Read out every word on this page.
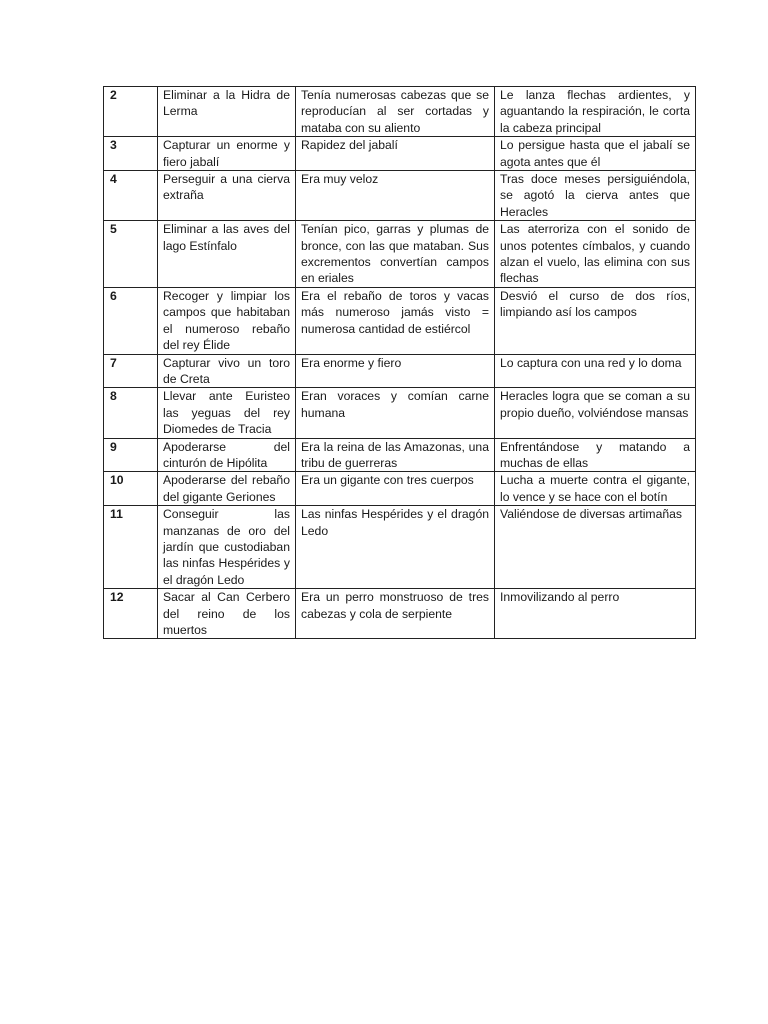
2	Eliminar a la Hidra de Lerma	Tenía numerosas cabezas que se reproducían al ser cortadas y mataba con su aliento	Le lanza flechas ardientes, y aguantando la respiración, le corta la cabeza principal
3	Capturar un enorme y fiero jabalí	Rapidez del jabalí	Lo persigue hasta que el jabalí se agota antes que él
4	Perseguir a una cierva extraña	Era muy veloz	Tras doce meses persiguiéndola, se agotó la cierva antes que Heracles
5	Eliminar a las aves del lago Estínfalo	Tenían pico, garras y plumas de bronce, con las que mataban. Sus excrementos convertían campos en eriales	Las aterroriza con el sonido de unos potentes címbalos, y cuando alzan el vuelo, las elimina con sus flechas
6	Recoger y limpiar los campos que habitaban el numeroso rebaño del rey Élide	Era el rebaño de toros y vacas más numeroso jamás visto = numerosa cantidad de estiércol	Desvió el curso de dos ríos, limpiando así los campos
7	Capturar vivo un toro de Creta	Era enorme y fiero	Lo captura con una red y lo doma
8	Llevar ante Euristeo las yeguas del rey Diomedes de Tracia	Eran voraces y comían carne humana	Heracles logra que se coman a su propio dueño, volviéndose mansas
9	Apoderarse del cinturón de Hipólita	Era la reina de las Amazonas, una tribu de guerreras	Enfrentándose y matando a muchas de ellas
10	Apoderarse del rebaño del gigante Geriones	Era un gigante con tres cuerpos	Lucha a muerte contra el gigante, lo vence y se hace con el botín
11	Conseguir las manzanas de oro del jardín que custodiaban las ninfas Hespérides y el dragón Ledo	Las ninfas Hespérides y el dragón Ledo	Valiéndose de diversas artimañas
12	Sacar al Can Cerbero del reino de los muertos	Era un perro monstruoso de tres cabezas y cola de serpiente	Inmovilizando al perro
